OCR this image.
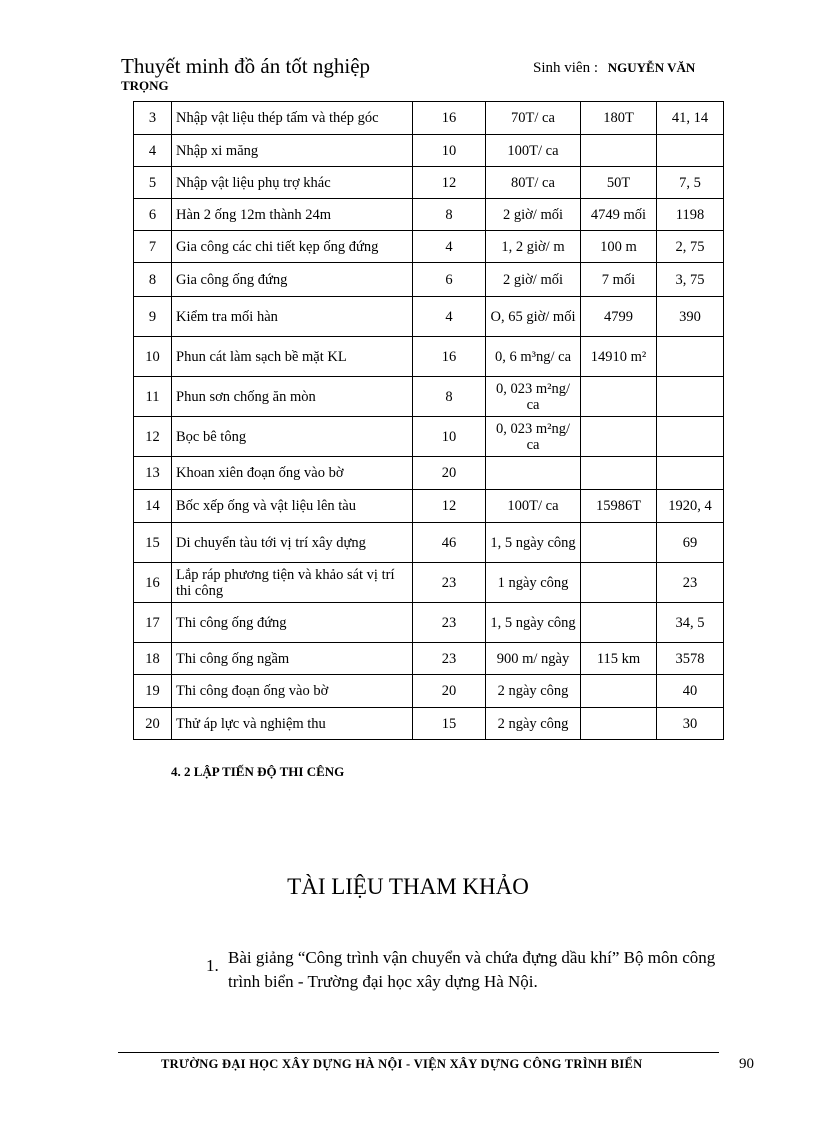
Thuyết minh đồ án tốt nghiệp	Sinh viên : NGUYỄN VĂN
TRỌNG
3	Nhập vật liệu thép tấm và thép góc	16	70T/ ca	180T	41, 14
4	Nhập xi măng	10	100T/ ca		
5	Nhập vật liệu phụ trợ khác	12	80T/ ca	50T	7, 5
6	Hàn 2 ống 12m thành 24m	8	2 giờ/ mối	4749 mối	1198
7	Gia công các chi tiết kẹp ống đứng	4	1, 2 giờ/ m	100 m	2, 75
8	Gia công ống đứng	6	2 giờ/ mối	7 mối	3, 75
9	Kiểm tra mối hàn	4	O, 65 giờ/ mối	4799	390
10	Phun cát làm sạch bề mặt KL	16	0, 6 m³ng/ ca	14910 m²	
11	Phun sơn chống ăn mòn	8	0, 023 m²ng/ ca		
12	Bọc bê tông	10	0, 023 m²ng/ ca		
13	Khoan xiên đoạn ống vào bờ	20			
14	Bốc xếp ống và vật liệu lên tàu	12	100T/ ca	15986T	1920, 4
15	Di chuyển tàu tới vị trí xây dựng	46	1, 5 ngày công		69
16	Lắp ráp phương tiện và khảo sát vị trí thi công	23	1 ngày công		23
17	Thi công ống đứng	23	1, 5 ngày công		34, 5
18	Thi công ống ngầm	23	900 m/ ngày	115 km	3578
19	Thi công đoạn ống vào bờ	20	2 ngày công		40
20	Thử áp lực và nghiệm thu	15	2 ngày công		30
4. 2 LẬP TIẾN ĐỘ THI CÊNG
TÀI LIỆU THAM KHẢO
1. Bài giảng “Công trình vận chuyển và chứa đựng dầu khí” Bộ môn công trình biển - Trường đại học xây dựng Hà Nội.
TRƯỜNG ĐẠI HỌC XÂY DỰNG HÀ NỘI - VIỆN XÂY DỰNG CÔNG TRÌNH BIỂN	90
